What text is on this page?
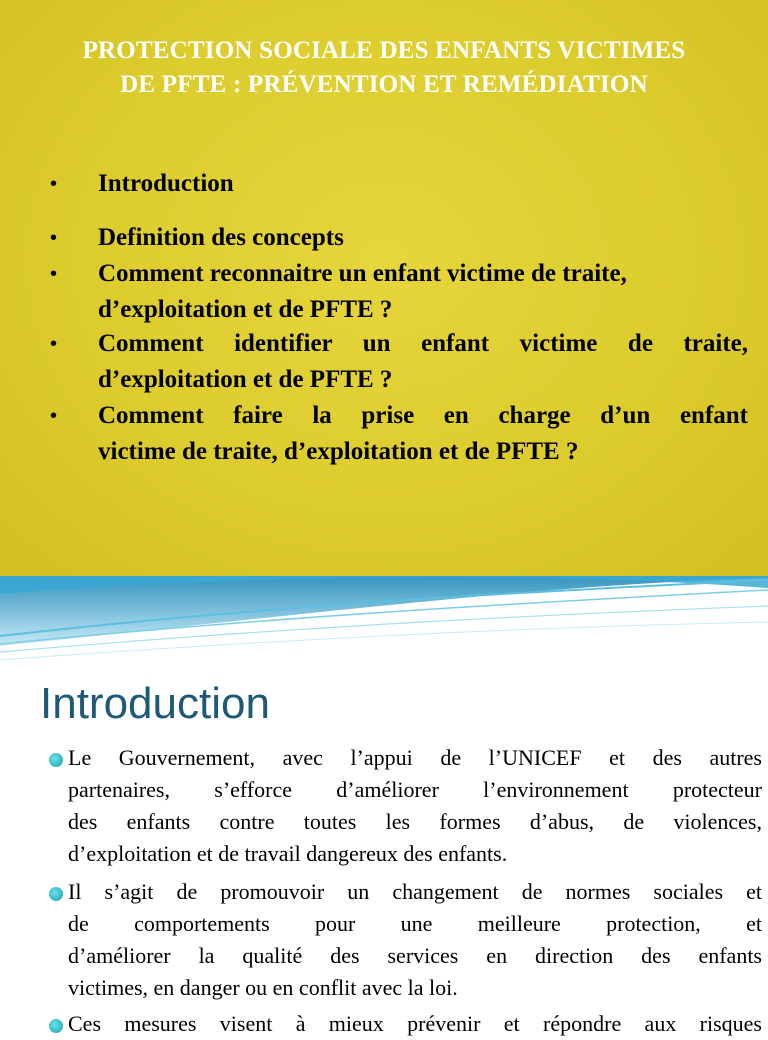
PROTECTION SOCIALE DES ENFANTS VICTIMES
DE PFTE : PRÉVENTION ET REMÉDIATION
• Introduction
• Definition des concepts
• Comment reconnaitre un enfant victime de traite,
d’exploitation et de PFTE ?
• Comment identifier un enfant victime de traite,
d’exploitation et de PFTE ?
• Comment faire la prise en charge d’un enfant
victime de traite, d’exploitation et de PFTE ?
Introduction
Le Gouvernement, avec l’appui de l’UNICEF et des autres
partenaires, s’efforce d’améliorer l’environnement protecteur
des enfants contre toutes les formes d’abus, de violences,
d’exploitation et de travail dangereux des enfants.
Il s’agit de promouvoir un changement de normes sociales et
de comportements pour une meilleure protection, et
d’améliorer la qualité des services en direction des enfants
victimes, en danger ou en conflit avec la loi.
Ces mesures visent à mieux prévenir et répondre aux risques
